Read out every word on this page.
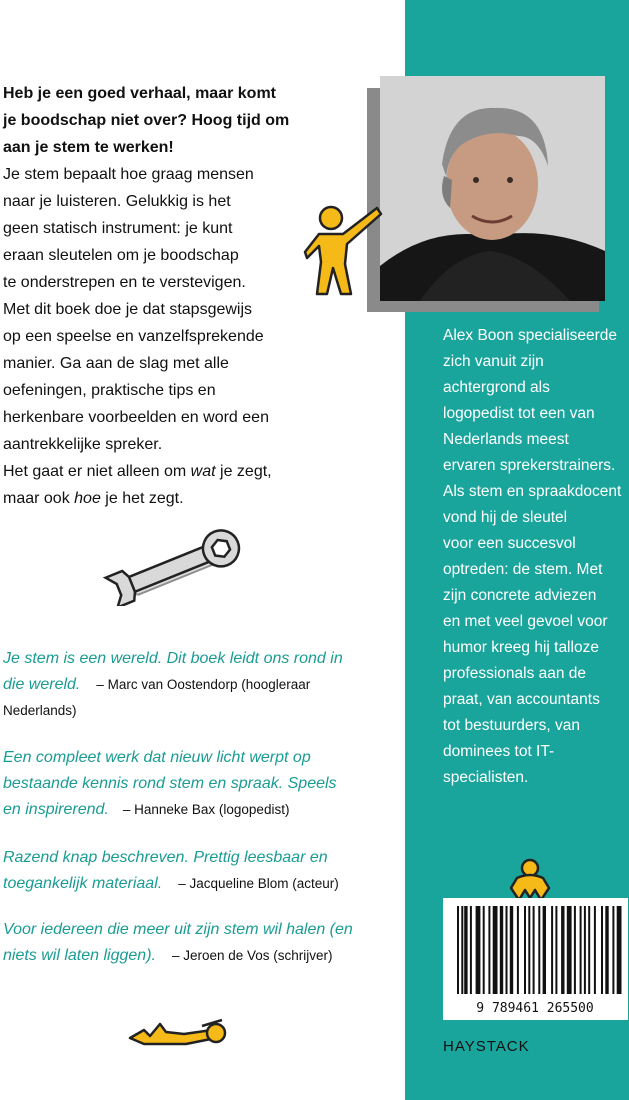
Heb je een goed verhaal, maar komt

je boodschap niet over? Hoog tijd om

aan je stem te werken!

Je stem bepaalt hoe graag mensen

naar je luisteren. Gelukkig is het

geen statisch instrument: je kunt

eraan sleutelen om je boodschap

te onderstrepen en te verstevigen.

Met dit boek doe je dat stapsgewijs

op een speelse en vanzelfsprekende

manier. Ga aan de slag met alle

oefeningen, praktische tips en

herkenbare voorbeelden en word een

aantrekkelijke spreker.

Het gaat er niet alleen om wat je zegt,

maar ook hoe je het zegt.

Je stem is een wereld. Dit boek leidt ons rond in
die wereld. – Marc van Oostendorp (hoogleraar
Nederlands)
Een compleet werk dat nieuw licht werpt op
bestaande kennis rond stem en spraak. Speels
en inspirerend. – Hanneke Bax (logopedist)
Razend knap beschreven. Prettig leesbaar en
toegankelijk materiaal. – Jacqueline Blom (acteur)
Voor iedereen die meer uit zijn stem wil halen (en
niets wil laten liggen). – Jeroen de Vos (schrijver)
Alex Boon specialiseerde
zich vanuit zijn
achtergrond als
logopedist tot een van
Nederlands meest
ervaren sprekerstrainers.
Als stem en spraakdocent
vond hij de sleutel
voor een succesvol
optreden: de stem. Met
zijn concrete adviezen
en met veel gevoel voor
humor kreeg hij talloze
professionals aan de
praat, van accountants
tot bestuurders, van
dominees tot IT-
specialisten.
9 789461 265500
HAYSTACK
